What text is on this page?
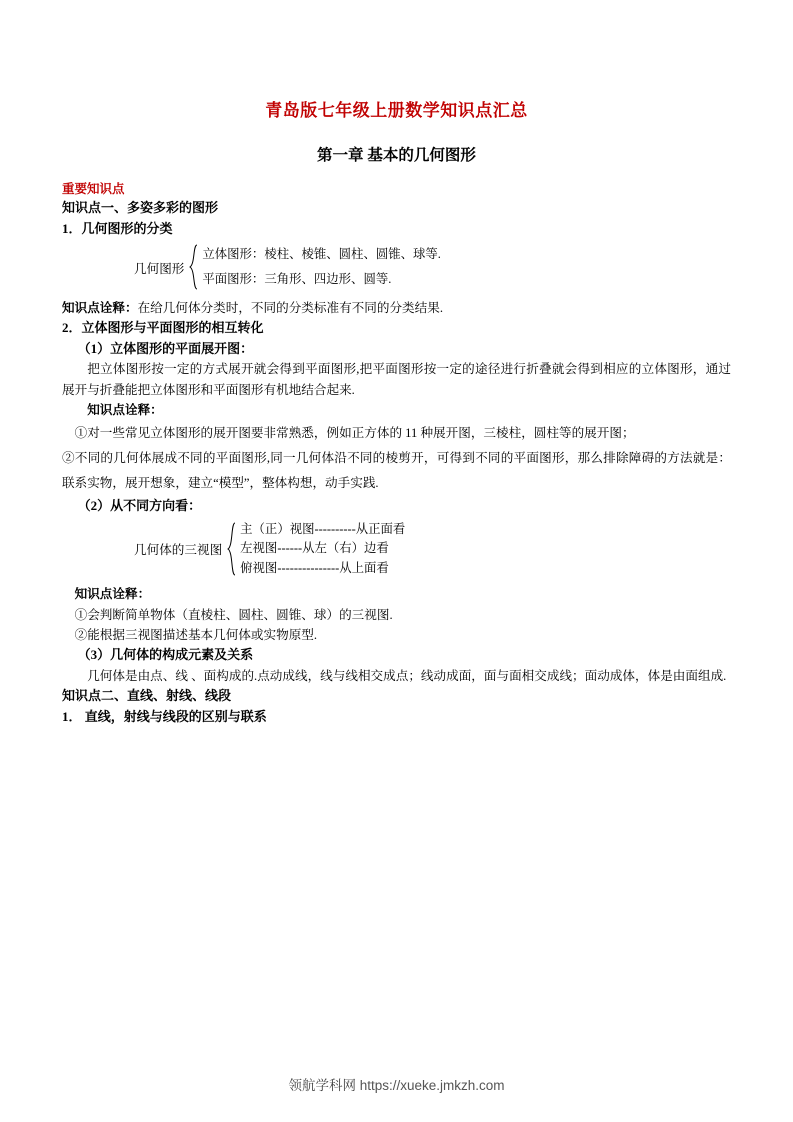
青岛版七年级上册数学知识点汇总
第一章 基本的几何图形
重要知识点
知识点一、多姿多彩的图形
1．几何图形的分类
几何图形
立体图形：棱柱、棱锥、圆柱、圆锥、球等.
平面图形：三角形、四边形、圆等.
知识点诠释：在给几何体分类时，不同的分类标准有不同的分类结果.
2．立体图形与平面图形的相互转化
（1）立体图形的平面展开图：
把立体图形按一定的方式展开就会得到平面图形,把平面图形按一定的途径进行折叠就会得到相应的立体图形，通过展开与折叠能把立体图形和平面图形有机地结合起来.
知识点诠释：
①对一些常见立体图形的展开图要非常熟悉，例如正方体的 11 种展开图，三棱柱，圆柱等的展开图；
②不同的几何体展成不同的平面图形,同一几何体沿不同的棱剪开，可得到不同的平面图形，那么排除障碍的方法就是：联系实物，展开想象，建立“模型”，整体构想，动手实践.
（2）从不同方向看：
几何体的三视图
主（正）视图----------从正面看
左视图------从左（右）边看
俯视图---------------从上面看
知识点诠释：
①会判断简单物体（直棱柱、圆柱、圆锥、球）的三视图.
②能根据三视图描述基本几何体或实物原型.
（3）几何体的构成元素及关系
几何体是由点、线 、面构成的.点动成线，线与线相交成点；线动成面，面与面相交成线；面动成体，体是由面组成.
知识点二、直线、射线、线段
1． 直线，射线与线段的区别与联系
领航学科网 https://xueke.jmkzh.com
